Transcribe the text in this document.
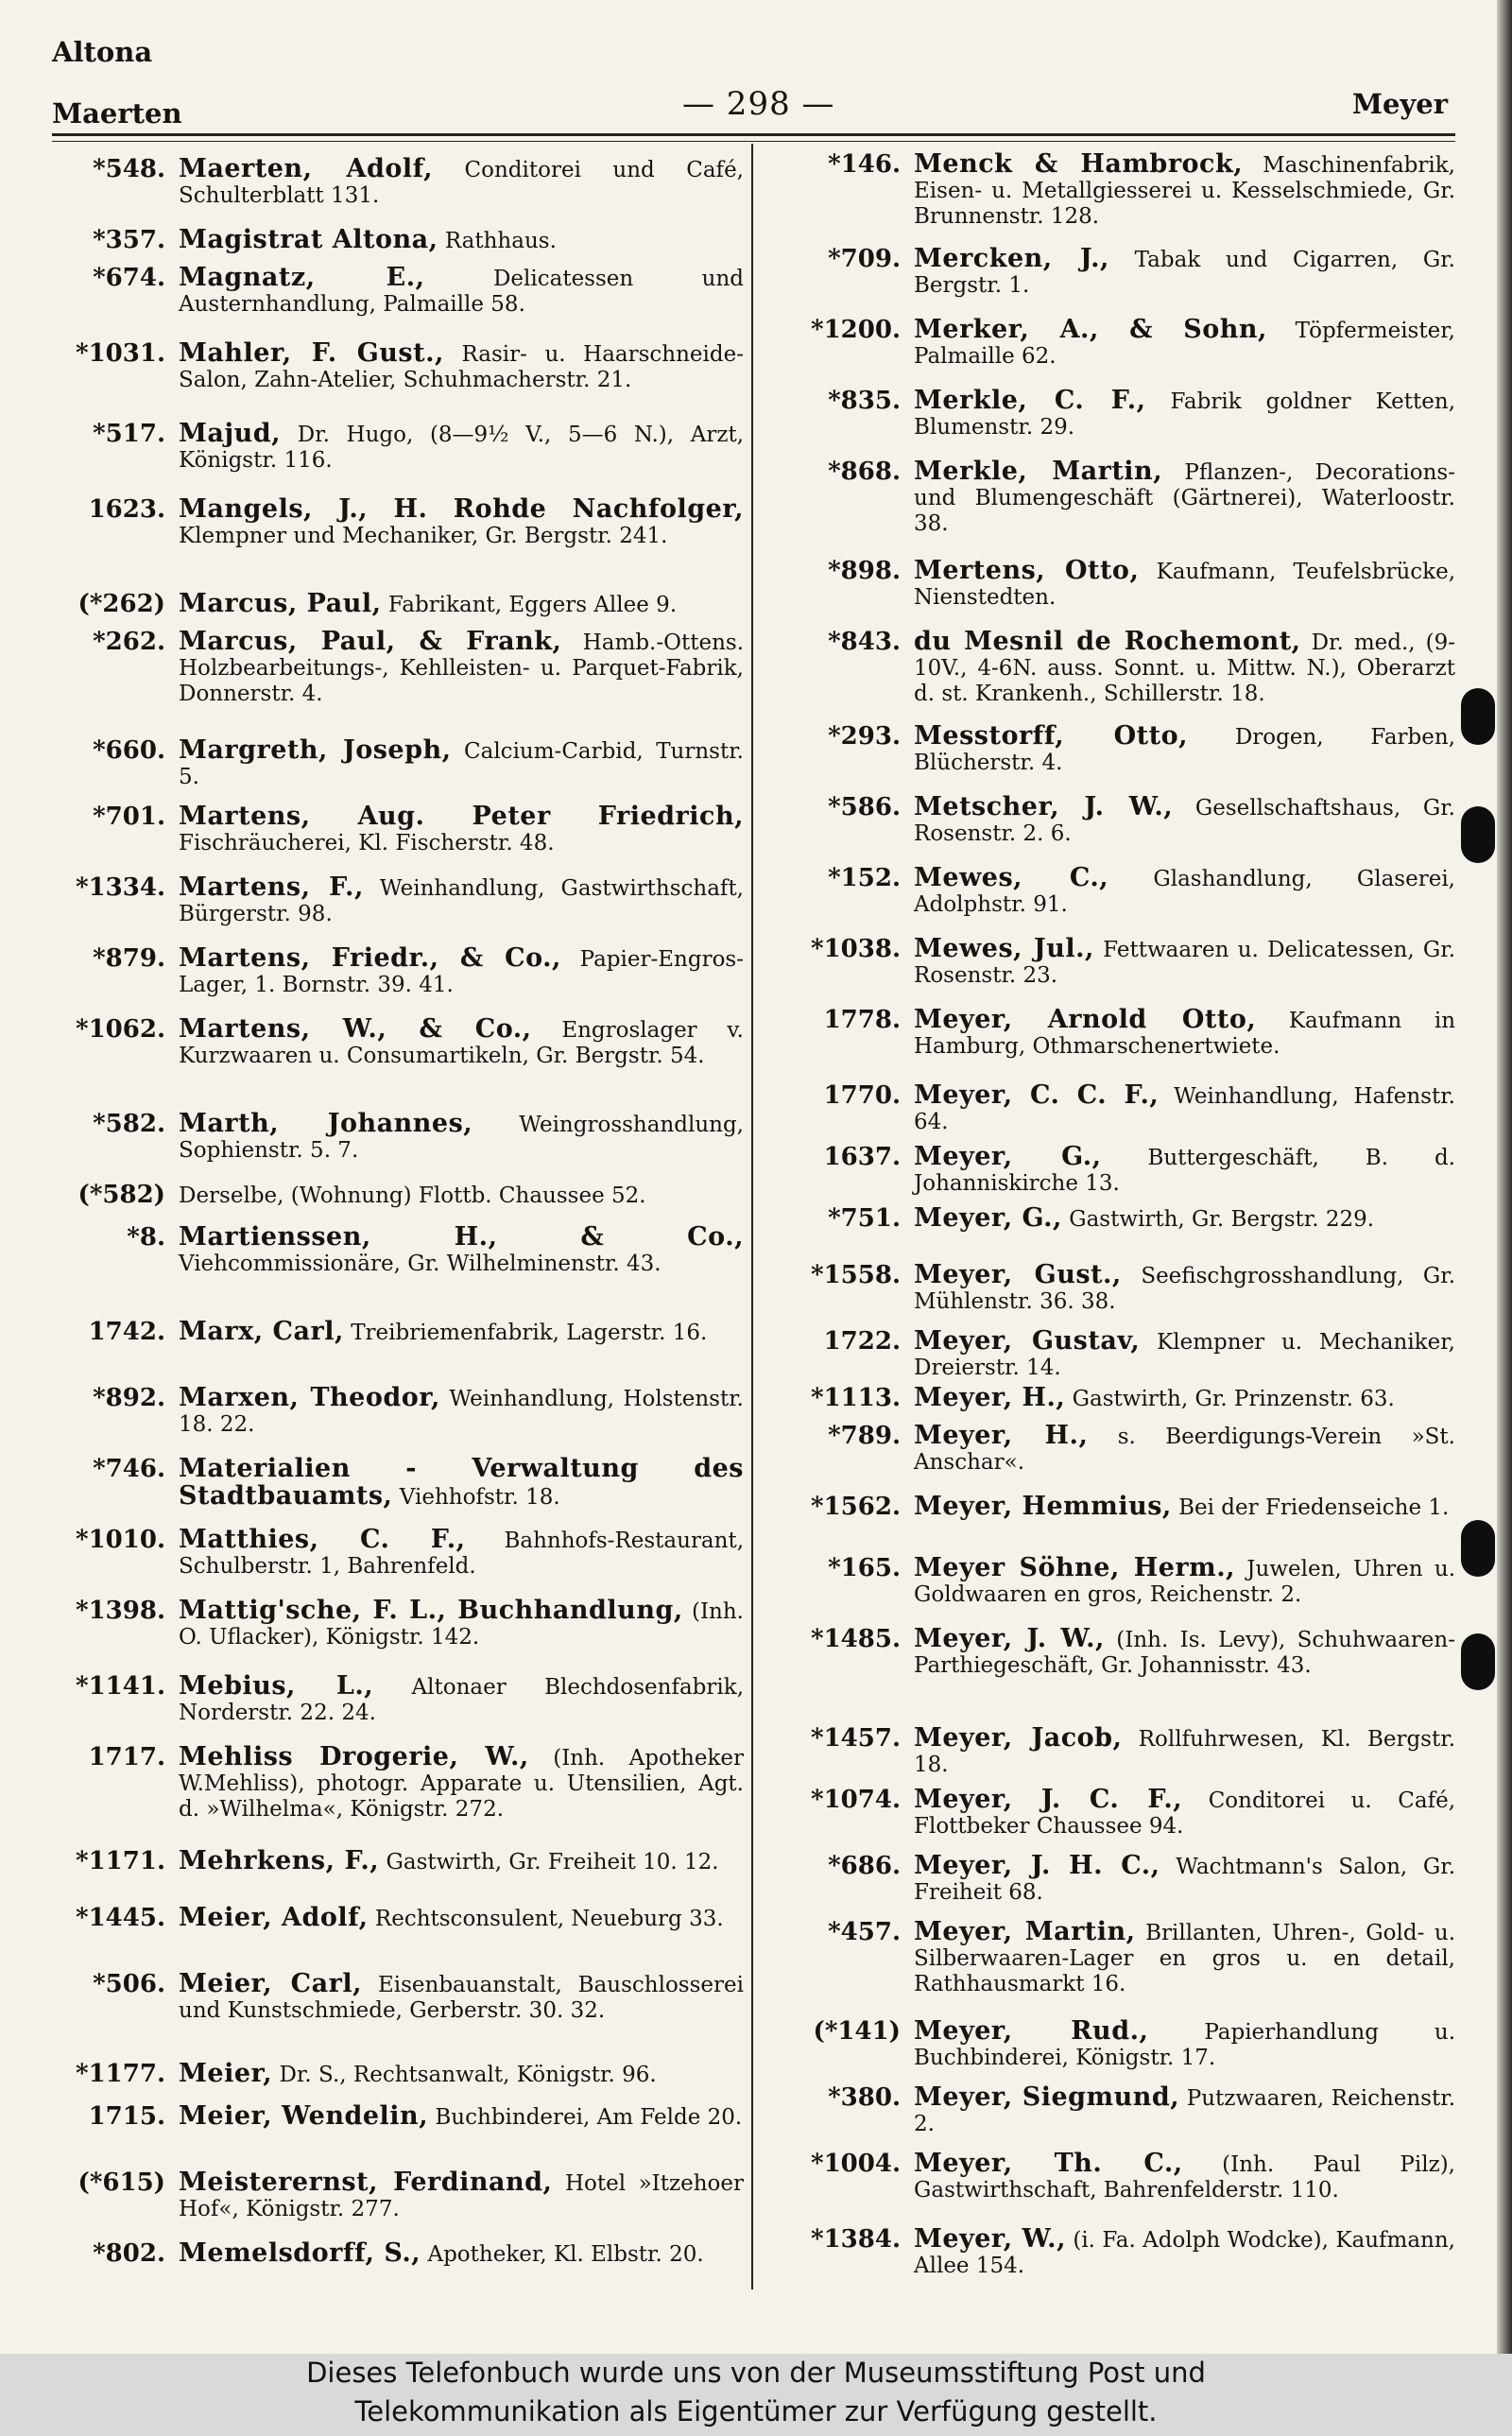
Altona
Maerten	— 298 —	Meyer
*548. Maerten, Adolf, Conditorei und Café, Schulterblatt 131.
*357. Magistrat Altona, Rathhaus.
*674. Magnatz, E.,	Delicatessen und Austernhandlung, Palmaille 58.
*1031. Mahler, F. Gust., Rasir- u. Haarschneide-Salon, Zahn-Atelier, Schuhmacherstr. 21.
*517. Majud, Dr. Hugo, (8—9½ V., 5—6 N.), Arzt, Königstr. 116.
1623. Mangels, J., H. Rohde Nachfolger, Klempner und Mechaniker, Gr. Bergstr. 241.
(*262) Marcus, Paul, Fabrikant, Eggers Allee 9.
*262. Marcus, Paul, & Frank, Hamb.-Ottens. Holzbearbeitungs-, Kehlleisten- u. Parquet-Fabrik, Donnerstr. 4.
*660. Margreth, Joseph, Calcium-Carbid, Turnstr. 5.
*701. Martens, Aug. Peter Friedrich, Fischräucherei, Kl. Fischerstr. 48.
*1334. Martens, F., Weinhandlung, Gastwirthschaft, Bürgerstr. 98.
*879. Martens, Friedr., & Co., Papier-Engros-Lager, 1. Bornstr. 39. 41.
*1062. Martens, W., & Co., Engroslager v. Kurzwaaren u. Consumartikeln, Gr. Bergstr. 54.
*582. Marth, Johannes, Weingrosshandlung, Sophienstr. 5. 7.
(*582) Derselbe, (Wohnung) Flottb. Chaussee 52.
*8. Martienssen, H., & Co., Viehcommissionäre, Gr. Wilhelminenstr. 43.
1742. Marx, Carl, Treibriemenfabrik, Lagerstr. 16.
*892. Marxen, Theodor, Weinhandlung, Holstenstr. 18. 22.
*746. Materialien - Verwaltung des Stadtbauamts, Viehhofstr. 18.
*1010. Matthies, C. F., Bahnhofs-Restaurant, Schulberstr. 1, Bahrenfeld.
*1398. Mattig'sche, F. L., Buchhandlung, (Inh. O. Uflacker), Königstr. 142.
*1141. Mebius, L., Altonaer Blechdosenfabrik, Norderstr. 22. 24.
1717. Mehliss Drogerie, W., (Inh. Apotheker W.Mehliss), photogr. Apparate u. Utensilien, Agt. d. »Wilhelma«, Königstr. 272.
*1171. Mehrkens, F., Gastwirth, Gr. Freiheit 10. 12.
*1445. Meier, Adolf, Rechtsconsulent, Neueburg 33.
*506. Meier, Carl, Eisenbauanstalt, Bauschlosserei und Kunstschmiede, Gerberstr. 30. 32.
*1177. Meier, Dr. S., Rechtsanwalt, Königstr. 96.
1715. Meier, Wendelin, Buchbinderei, Am Felde 20.
(*615) Meisterernst, Ferdinand, Hotel »Itzehoer Hof«, Königstr. 277.
*802. Memelsdorff, S., Apotheker, Kl. Elbstr. 20.
*146. Menck & Hambrock, Maschinenfabrik, Eisen- u. Metallgiesserei u. Kesselschmiede, Gr. Brunnenstr. 128.
*709. Mercken, J., Tabak und Cigarren, Gr. Bergstr. 1.
*1200. Merker, A., & Sohn, Töpfermeister, Palmaille 62.
*835. Merkle, C. F., Fabrik goldner Ketten, Blumenstr. 29.
*868. Merkle, Martin, Pflanzen-, Decorations- und Blumengeschäft (Gärtnerei), Waterloostr. 38.
*898. Mertens, Otto, Kaufmann, Teufelsbrücke, Nienstedten.
*843. du Mesnil de Rochemont, Dr. med., (9-10V., 4-6N. auss. Sonnt. u. Mittw. N.), Oberarzt d. st. Krankenh., Schillerstr. 18.
*293. Messtorff, Otto, Drogen, Farben, Blücherstr. 4.
*586. Metscher, J. W., Gesellschaftshaus, Gr. Rosenstr. 2. 6.
*152. Mewes, C., Glashandlung, Glaserei, Adolphstr. 91.
*1038. Mewes, Jul., Fettwaaren u. Delicatessen, Gr. Rosenstr. 23.
1778. Meyer, Arnold Otto, Kaufmann in Hamburg, Othmarschenertwiete.
1770. Meyer, C. C. F., Weinhandlung, Hafenstr. 64.
1637. Meyer, G., Buttergeschäft, B. d. Johanniskirche 13.
*751. Meyer, G., Gastwirth, Gr. Bergstr. 229.
*1558. Meyer, Gust., Seefischgrosshandlung, Gr. Mühlenstr. 36. 38.
1722. Meyer, Gustav, Klempner u. Mechaniker, Dreierstr. 14.
*1113. Meyer, H., Gastwirth, Gr. Prinzenstr. 63.
*789. Meyer, H., s. Beerdigungs-Verein »St. Anschar«.
*1562. Meyer, Hemmius, Bei der Friedenseiche 1.
*165. Meyer Söhne, Herm., Juwelen, Uhren u. Goldwaaren en gros, Reichenstr. 2.
*1485. Meyer, J. W., (Inh. Is. Levy), Schuhwaaren-Parthiegeschäft, Gr. Johannisstr. 43.
*1457. Meyer, Jacob, Rollfuhrwesen, Kl. Bergstr. 18.
*1074. Meyer, J. C. F., Conditorei u. Café, Flottbeker Chaussee 94.
*686. Meyer, J. H. C., Wachtmann's Salon, Gr. Freiheit 68.
*457. Meyer, Martin, Brillanten, Uhren-, Gold- u. Silberwaaren-Lager en gros u. en detail, Rathhausmarkt 16.
(*141) Meyer, Rud.,	Papierhandlung u. Buchbinderei, Königstr. 17.
*380. Meyer, Siegmund, Putzwaaren, Reichenstr. 2.
*1004. Meyer, Th. C., (Inh. Paul Pilz), Gastwirthschaft, Bahrenfelderstr. 110.
*1384. Meyer, W., (i. Fa. Adolph Wodcke), Kaufmann, Allee 154.
Dieses Telefonbuch wurde uns von der Museumsstiftung Post und
Telekommunikation als Eigentümer zur Verfügung gestellt.
